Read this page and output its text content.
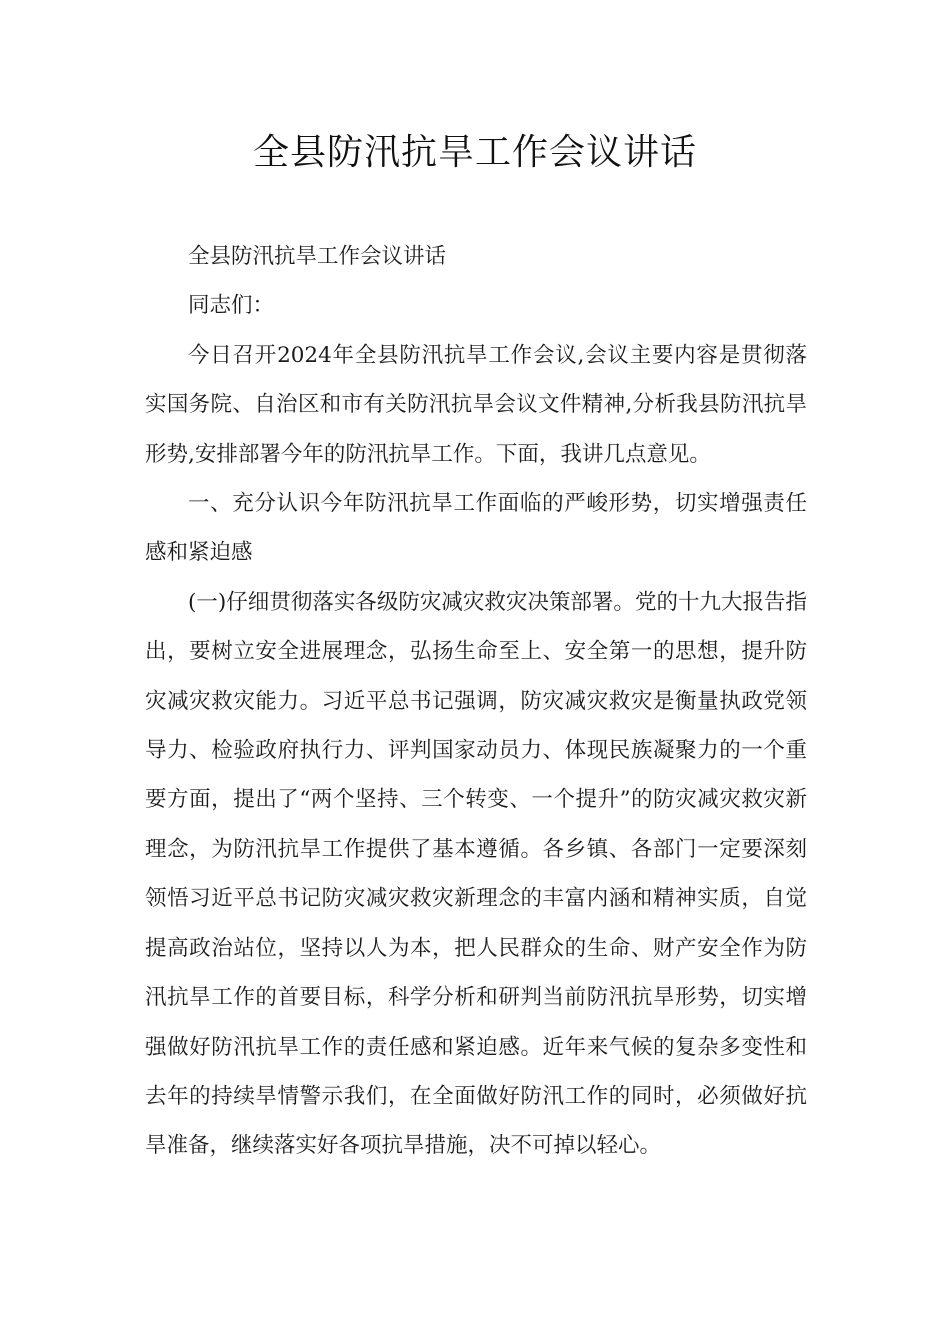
全县防汛抗旱工作会议讲话

全县防汛抗旱工作会议讲话

同志们：

今日召开2024年全县防汛抗旱工作会议,会议主要内容是贯彻落实国务院、自治区和市有关防汛抗旱会议文件精神,分析我县防汛抗旱形势,安排部署今年的防汛抗旱工作。下面，我讲几点意见。

一、充分认识今年防汛抗旱工作面临的严峻形势，切实增强责任感和紧迫感

(一)仔细贯彻落实各级防灾减灾救灾决策部署。党的十九大报告指出，要树立安全进展理念，弘扬生命至上、安全第一的思想，提升防灾减灾救灾能力。习近平总书记强调，防灾减灾救灾是衡量执政党领导力、检验政府执行力、评判国家动员力、体现民族凝聚力的一个重要方面，提出了“两个坚持、三个转变、一个提升”的防灾减灾救灾新理念，为防汛抗旱工作提供了基本遵循。各乡镇、各部门一定要深刻领悟习近平总书记防灾减灾救灾新理念的丰富内涵和精神实质，自觉提高政治站位，坚持以人为本，把人民群众的生命、财产安全作为防汛抗旱工作的首要目标，科学分析和研判当前防汛抗旱形势，切实增强做好防汛抗旱工作的责任感和紧迫感。近年来气候的复杂多变性和去年的持续旱情警示我们，在全面做好防汛工作的同时，必须做好抗旱准备，继续落实好各项抗旱措施，决不可掉以轻心。
